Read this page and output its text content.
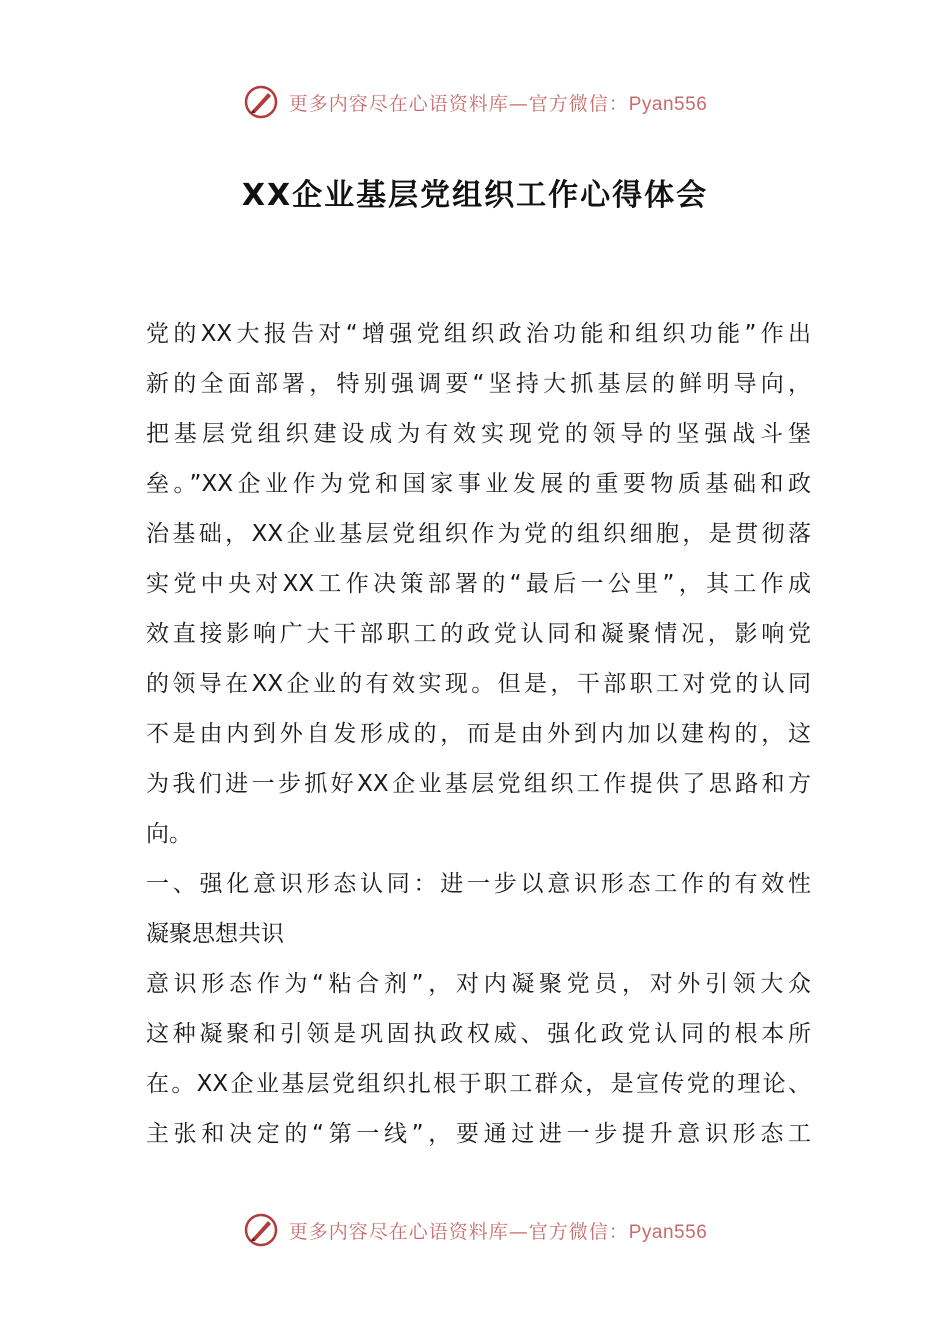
更多内容尽在心语资料库—官方微信：Pyan556
XX企业基层党组织工作心得体会
党的XX大报告对“增强党组织政治功能和组织功能”作出
新的全面部署，特别强调要“坚持大抓基层的鲜明导向，
把基层党组织建设成为有效实现党的领导的坚强战斗堡
垒。”XX企业作为党和国家事业发展的重要物质基础和政
治基础，XX企业基层党组织作为党的组织细胞，是贯彻落
实党中央对XX工作决策部署的“最后一公里”，其工作成
效直接影响广大干部职工的政党认同和凝聚情况，影响党
的领导在XX企业的有效实现。但是，干部职工对党的认同
不是由内到外自发形成的，而是由外到内加以建构的，这
为我们进一步抓好XX企业基层党组织工作提供了思路和方
向。
一、强化意识形态认同：进一步以意识形态工作的有效性
凝聚思想共识
意识形态作为“粘合剂”，对内凝聚党员，对外引领大众
这种凝聚和引领是巩固执政权威、强化政党认同的根本所
在。XX企业基层党组织扎根于职工群众，是宣传党的理论、
主张和决定的“第一线”，要通过进一步提升意识形态工
更多内容尽在心语资料库—官方微信：Pyan556
